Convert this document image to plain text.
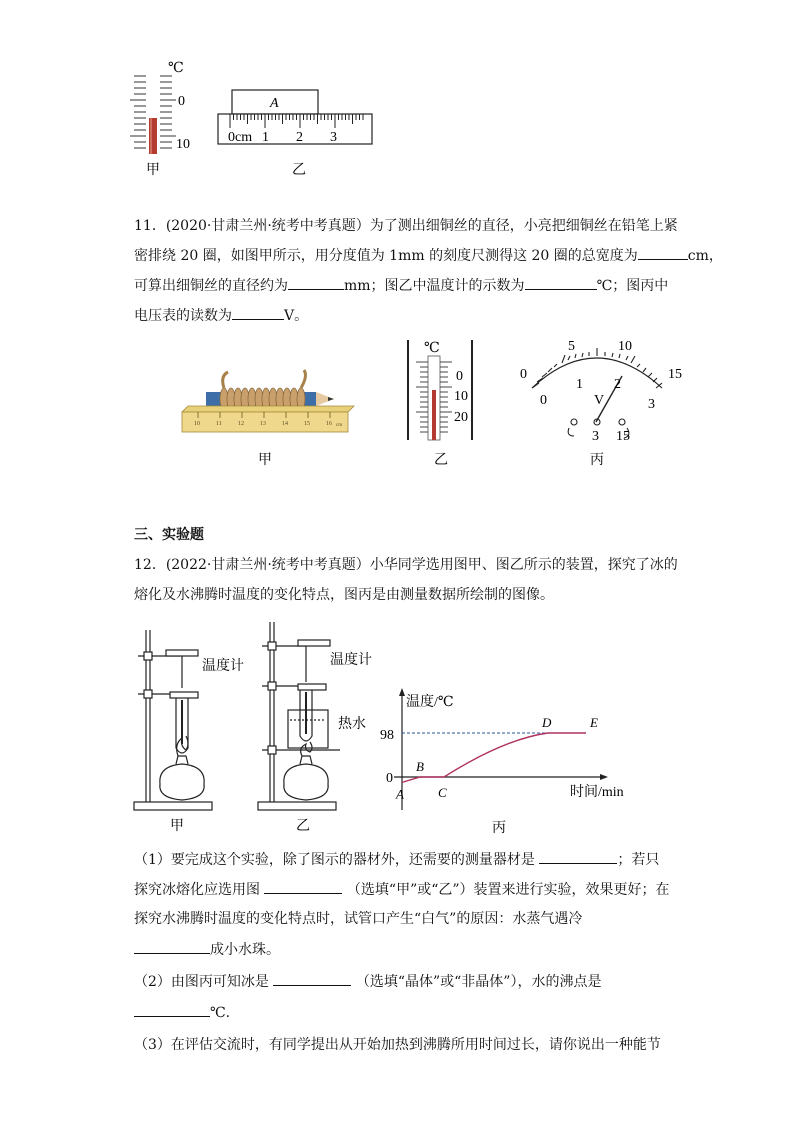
℃
0
10
甲
A
0cm 1 2 3
乙
11．(2020·甘肃兰州·统考中考真题）为了测出细铜丝的直径，小亮把细铜丝在铅笔上紧
密排绕 20 圈，如图甲所示，用分度值为 1mm 的刻度尺测得这 20 圈的总宽度为	cm，
可算出细铜丝的直径约为	mm；图乙中温度计的示数为	℃；图丙中
电压表的读数为	V。
10	11	12	13	14	15	16 cm
甲
℃
0
10
20
乙
0
5	10
15
0
1 2
3
V
3 15
丙
三、实验题
12．(2022·甘肃兰州·统考中考真题）小华同学选用图甲、图乙所示的装置，探究了冰的
熔化及水沸腾时温度的变化特点，图丙是由测量数据所绘制的图像。
温度计	温度计
热水
甲	乙
温度/℃
时间/min
98
0
A
B
C
D	E
丙
（1）要完成这个实验，除了图示的器材外，还需要的测量器材是	；若只
探究冰熔化应选用图	（选填“甲”或“乙”）装置来进行实验，效果更好；在
探究水沸腾时温度的变化特点时，试管口产生“白气”的原因：水蒸气遇冷
成小水珠。
（2）由图丙可知冰是	（选填“晶体”或“非晶体”），水的沸点是
℃.
（3）在评估交流时，有同学提出从开始加热到沸腾所用时间过长，请你说出一种能节
